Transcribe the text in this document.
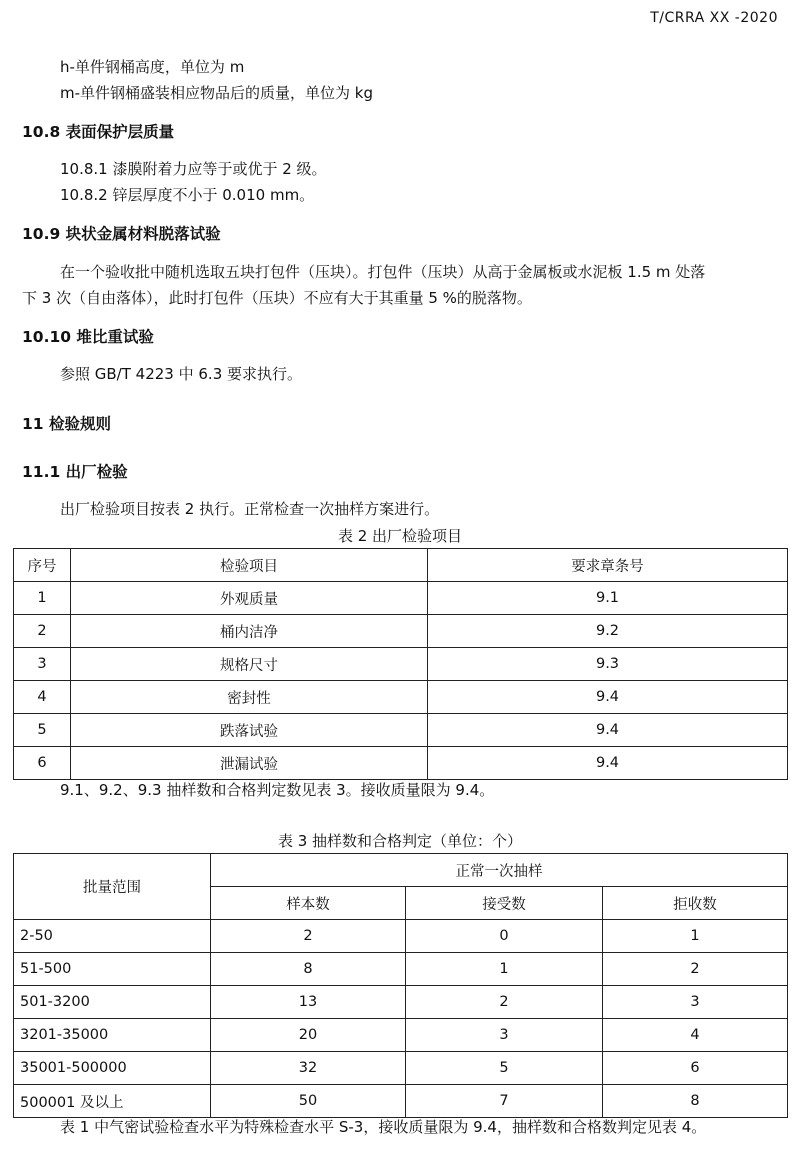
T/CRRA XX -2020
h-单件钢桶高度，单位为 m
m-单件钢桶盛装相应物品后的质量，单位为 kg
10.8 表面保护层质量
10.8.1 漆膜附着力应等于或优于 2 级。
10.8.2 锌层厚度不小于 0.010 mm。
10.9 块状金属材料脱落试验
在一个验收批中随机选取五块打包件（压块）。打包件（压块）从高于金属板或水泥板 1.5 m 处落
下 3 次（自由落体），此时打包件（压块）不应有大于其重量 5 %的脱落物。
10.10 堆比重试验
参照 GB/T 4223 中 6.3 要求执行。
11 检验规则
11.1 出厂检验
出厂检验项目按表 2 执行。正常检查一次抽样方案进行。
表 2 出厂检验项目
序号	检验项目	要求章条号
1	外观质量	9.1
2	桶内洁净	9.2
3	规格尺寸	9.3
4	密封性	9.4
5	跌落试验	9.4
6	泄漏试验	9.4
9.1、9.2、9.3 抽样数和合格判定数见表 3。接收质量限为 9.4。
表 3 抽样数和合格判定（单位：个）
批量范围	正常一次抽样		
	样本数	接受数	拒收数
2-50	2	0	1
51-500	8	1	2
501-3200	13	2	3
3201-35000	20	3	4
35001-500000	32	5	6
500001 及以上	50	7	8
表 1 中气密试验检查水平为特殊检查水平 S-3，接收质量限为 9.4，抽样数和合格数判定见表 4。
